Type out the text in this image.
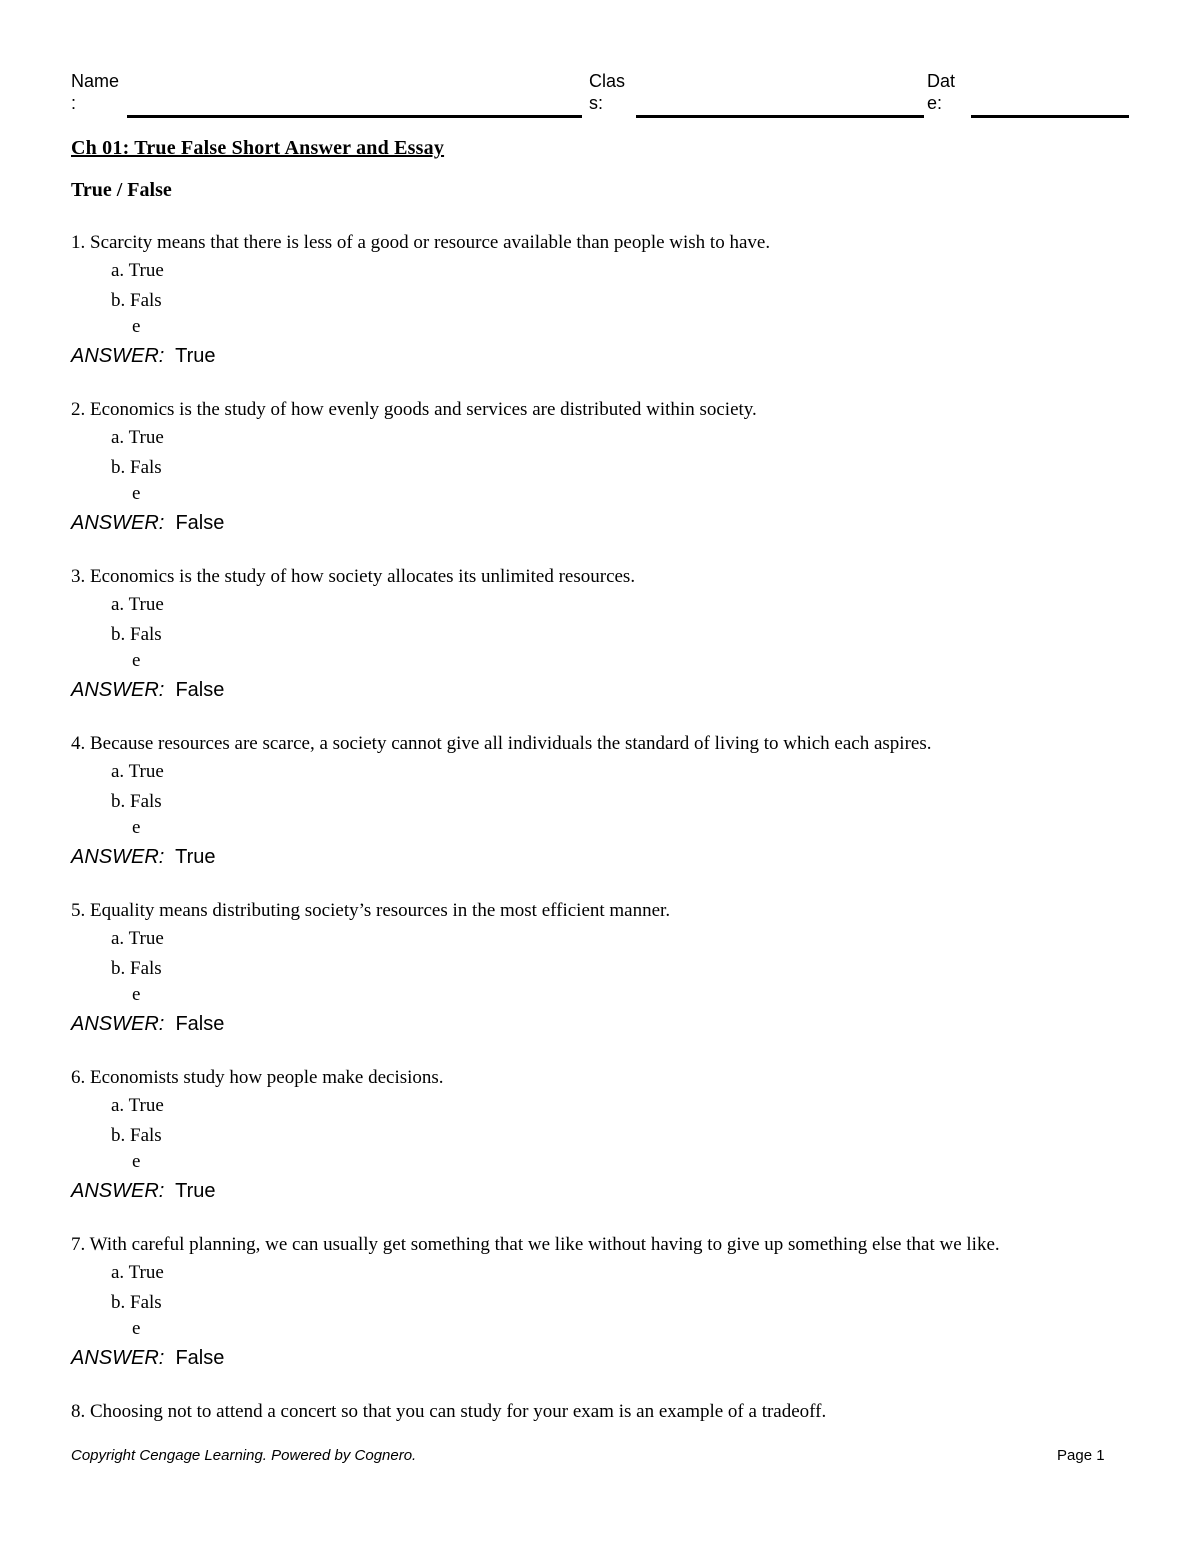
Name
:
Clas
s:
Dat
e:
Ch 01: True False Short Answer and Essay
True / False
1. Scarcity means that there is less of a good or resource available than people wish to have.
a. True
b. Fals
e
ANSWER: True
2. Economics is the study of how evenly goods and services are distributed within society.
a. True
b. Fals
e
ANSWER: False
3. Economics is the study of how society allocates its unlimited resources.
a. True
b. Fals
e
ANSWER: False
4. Because resources are scarce, a society cannot give all individuals the standard of living to which each aspires.
a. True
b. Fals
e
ANSWER: True
5. Equality means distributing society’s resources in the most efficient manner.
a. True
b. Fals
e
ANSWER: False
6. Economists study how people make decisions.
a. True
b. Fals
e
ANSWER: True
7. With careful planning, we can usually get something that we like without having to give up something else that we like.
a. True
b. Fals
e
ANSWER: False
8. Choosing not to attend a concert so that you can study for your exam is an example of a tradeoff.
Copyright Cengage Learning. Powered by Cognero.	Page 1
